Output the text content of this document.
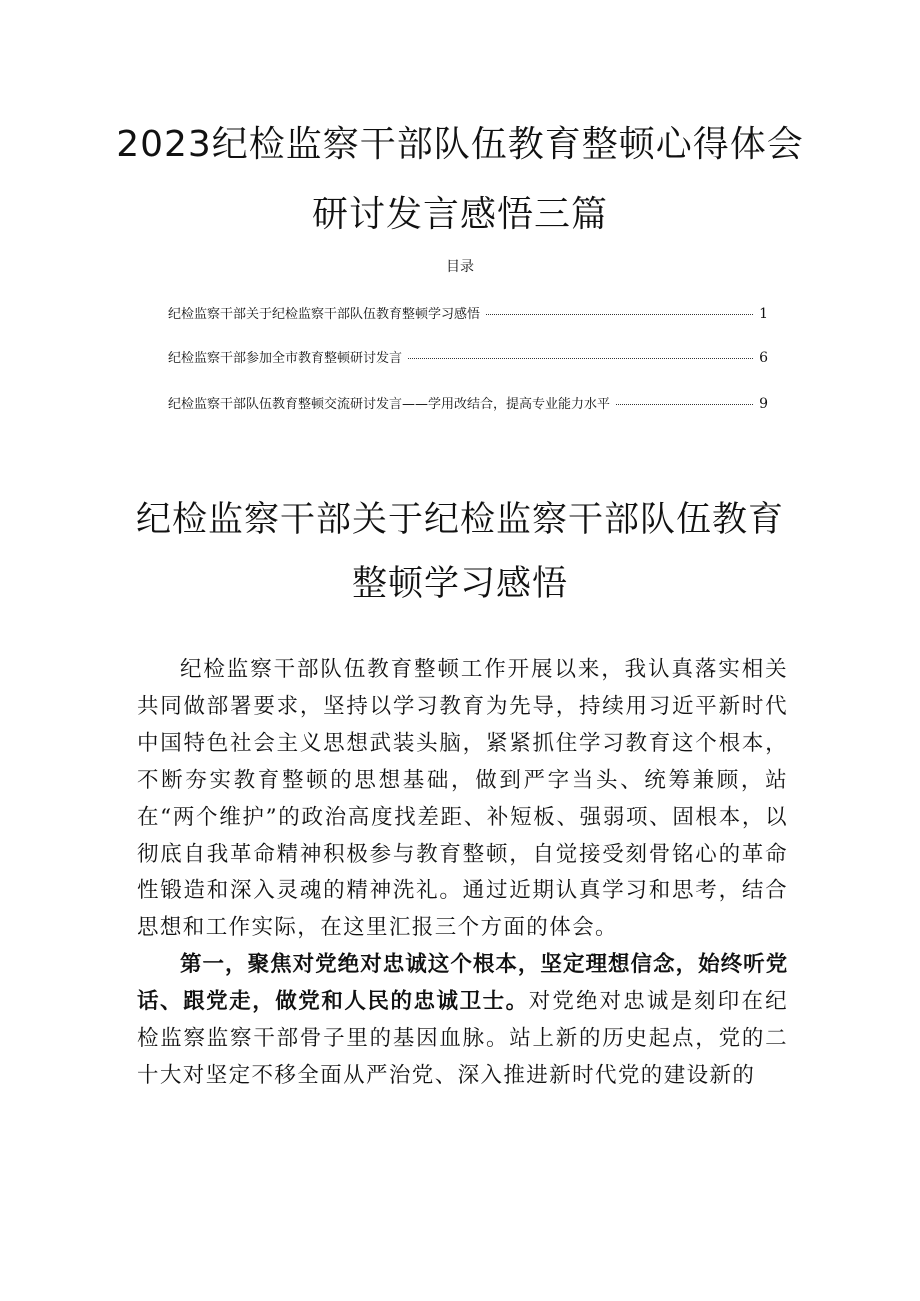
2023纪检监察干部队伍教育整顿心得体会
研讨发言感悟三篇
目录
纪检监察干部关于纪检监察干部队伍教育整顿学习感悟	1
纪检监察干部参加全市教育整顿研讨发言	6
纪检监察干部队伍教育整顿交流研讨发言——学用改结合，提高专业能力水平	9
纪检监察干部关于纪检监察干部队伍教育
整顿学习感悟

纪检监察干部队伍教育整顿工作开展以来，我认真落实相关共同做部署要求，坚持以学习教育为先导，持续用习近平新时代中国特色社会主义思想武装头脑，紧紧抓住学习教育这个根本，不断夯实教育整顿的思想基础，做到严字当头、统筹兼顾，站在“两个维护”的政治高度找差距、补短板、强弱项、固根本，以彻底自我革命精神积极参与教育整顿，自觉接受刻骨铭心的革命性锻造和深入灵魂的精神洗礼。通过近期认真学习和思考，结合思想和工作实际，在这里汇报三个方面的体会。

第一，聚焦对党绝对忠诚这个根本，坚定理想信念，始终听党话、跟党走，做党和人民的忠诚卫士。对党绝对忠诚是刻印在纪检监察监察干部骨子里的基因血脉。站上新的历史起点，党的二十大对坚定不移全面从严治党、深入推进新时代党的建设新的
